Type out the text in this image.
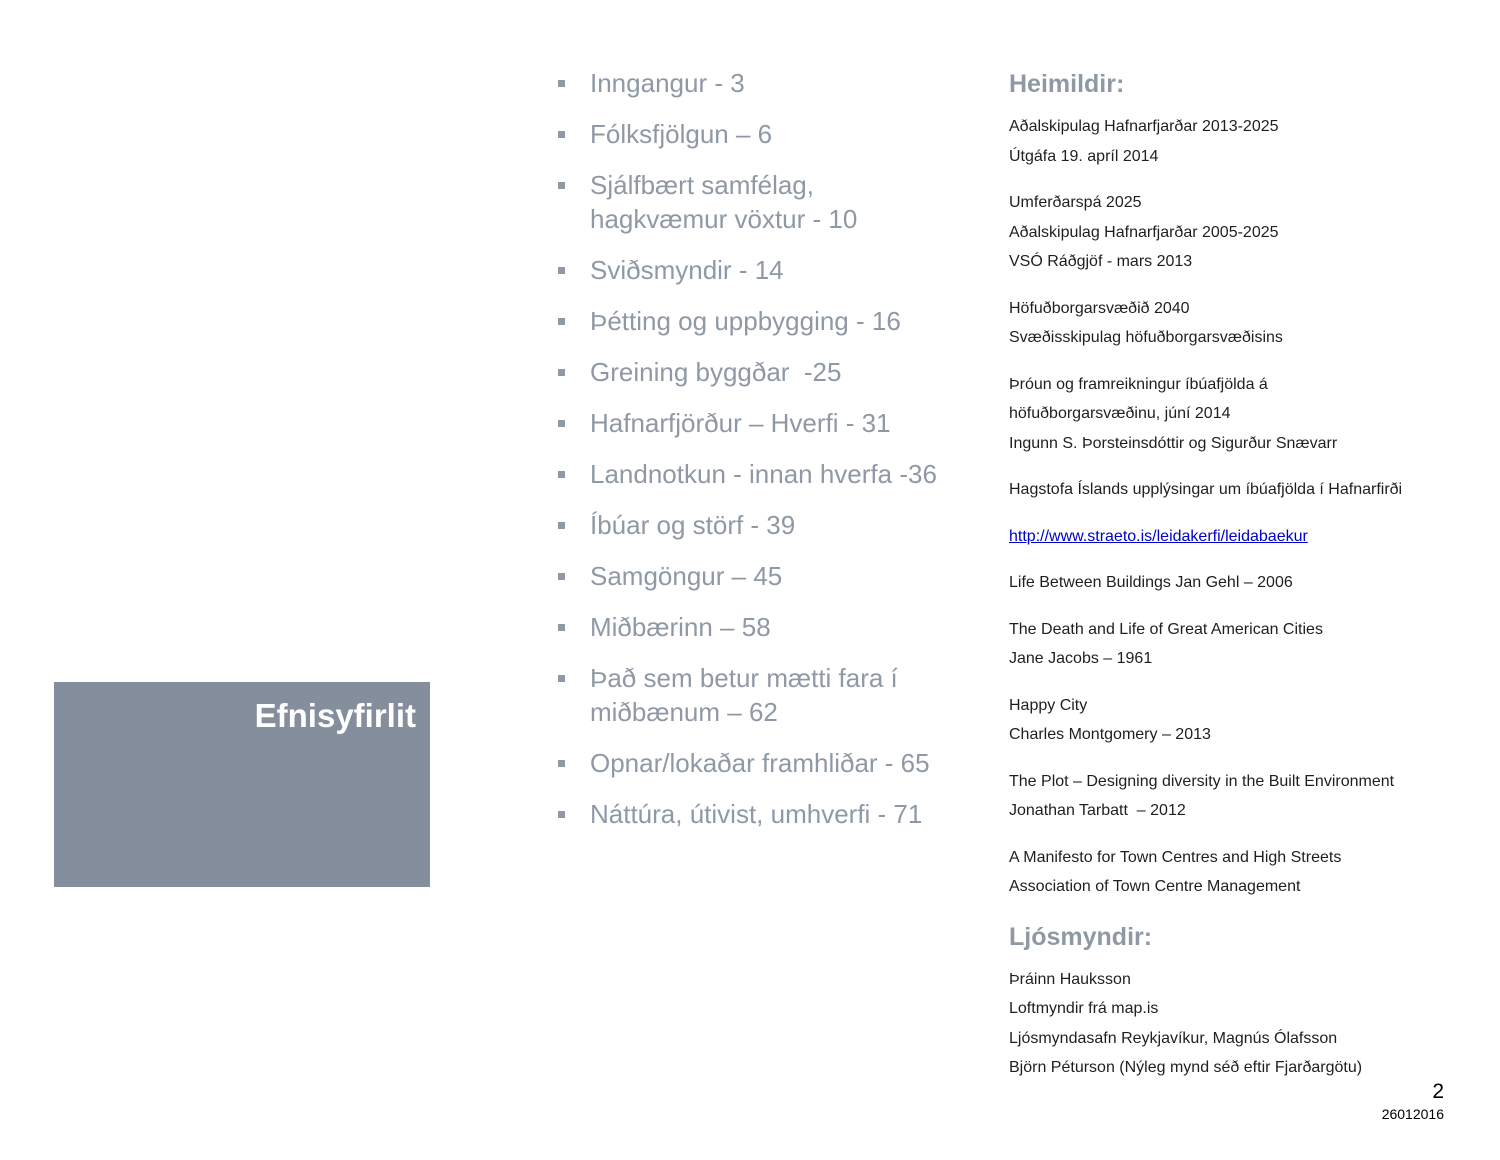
Efnisyfirlit
Inngangur - 3
Fólksfjölgun – 6
Sjálfbært samfélag,
hagkvæmur vöxtur - 10
Sviðsmyndir - 14
Þétting og uppbygging - 16
Greining byggðar  -25
Hafnarfjörður – Hverfi - 31
Landnotkun - innan hverfa -36
Íbúar og störf - 39
Samgöngur – 45
Miðbærinn – 58
Það sem betur mætti fara í
miðbænum – 62
Opnar/lokaðar framhliðar - 65
Náttúra, útivist, umhverfi - 71
Heimildir:
Aðalskipulag Hafnarfjarðar 2013-2025
Útgáfa 19. apríl 2014
Umferðarspá 2025
Aðalskipulag Hafnarfjarðar 2005-2025
VSÓ Ráðgjöf - mars 2013
Höfuðborgarsvæðið 2040
Svæðisskipulag höfuðborgarsvæðisins
Þróun og framreikningur íbúafjölda á
höfuðborgarsvæðinu, júní 2014
Ingunn S. Þorsteinsdóttir og Sigurður Snævarr
Hagstofa Íslands upplýsingar um íbúafjölda í Hafnarfirði
http://www.straeto.is/leidakerfi/leidabaekur
Life Between Buildings Jan Gehl – 2006
The Death and Life of Great American Cities
Jane Jacobs – 1961
Happy City
Charles Montgomery – 2013
The Plot – Designing diversity in the Built Environment
Jonathan Tarbatt  – 2012
A Manifesto for Town Centres and High Streets
Association of Town Centre Management
Ljósmyndir:
Þráinn Hauksson
Loftmyndir frá map.is
Ljósmyndasafn Reykjavíkur, Magnús Ólafsson
Björn Péturson (Nýleg mynd séð eftir Fjarðargötu)
2
26012016
